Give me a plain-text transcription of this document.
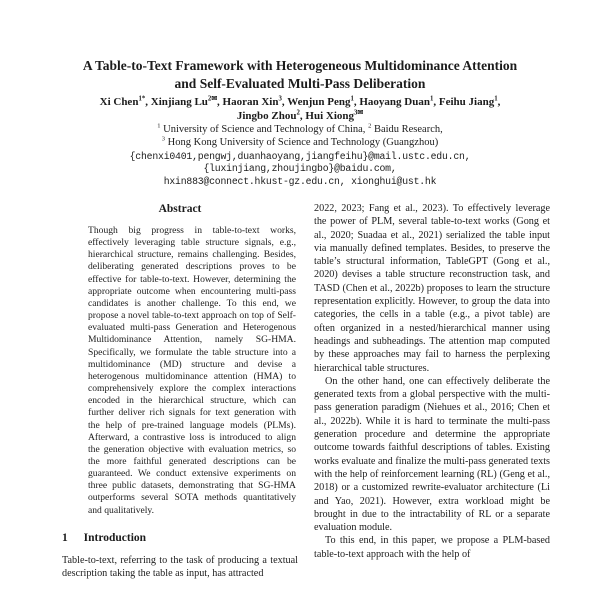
A Table-to-Text Framework with Heterogeneous Multidominance Attention
and Self-Evaluated Multi-Pass Deliberation
Xi Chen$^{1*}$, Xinjiang $Lu^{2✉}$, Haoran Xin$^3$, Wenjun Peng$^1$, Haoyang Duan$^1$, Feihu Jiang$^1$,
Jingbo Zhou$^2$, Hui Xiong$^{3✉}$
$^1$ University of Science and Technology of China, $^2$ Baidu Research,
$^3$ Hong Kong University of Science and Technology (Guangzhou)
{chenxi0401,pengwj,duanhaoyang,jiangfeihu}@mail.ustc.edu.cn,
{luxinjiang,zhoujingbo}@baidu.com,
hxin883@connect.hkust-gz.edu.cn, xionghui@ust.hk
Abstract

Though big progress in table-to-text works, effectively leveraging table structure signals, e.g., hierarchical structure, remains challenging. Besides, deliberating generated descriptions proves to be effective for table-to-text. However, determining the appropriate outcome when encountering multi-pass candidates is another challenge. To this end, we propose a novel table-to-text approach on top of Self-evaluated multi-pass Generation and Heterogenous Multidominance Attention, namely SG-HMA. Specifically, we formulate the table structure into a multidominance (MD) structure and devise a heterogenous multidominance attention (HMA) to comprehensively explore the complex interactions encoded in the hierarchical structure, which can further deliver rich signals for text generation with the help of pre-trained language models (PLMs). Afterward, a contrastive loss is introduced to align the generation objective with evaluation metrics, so the more faithful generated descriptions can be guaranteed. We conduct extensive experiments on three public datasets, demonstrating that SG-HMA outperforms several SOTA methods quantitatively and qualitatively.

1 Introduction

Table-to-text, referring to the task of producing a textual description taking the table as input, has attracted

2022, 2023; Fang et al., 2023). To effectively leverage the power of PLM, several table-to-text works (Gong et al., 2020; Suadaa et al., 2021) serialized the table input via manually defined templates. Besides, to preserve the table’s structural information, TableGPT (Gong et al., 2020) devises a table structure reconstruction task, and TASD (Chen et al., 2022b) proposes to learn the structure representation explicitly. However, to group the data into categories, the cells in a table (e.g., a pivot table) are often organized in a nested/hierarchical manner using headings and subheadings. The attention map computed by these approaches may fail to harness the perplexing hierarchical table structures.

On the other hand, one can effectively deliberate the generated texts from a global perspective with the multi-pass generation paradigm (Niehues et al., 2016; Chen et al., 2022b). While it is hard to terminate the multi-pass generation procedure and determine the appropriate outcome towards faithful descriptions of tables. Existing works evaluate and finalize the multi-pass generated texts with the help of reinforcement learning (RL) (Geng et al., 2018) or a customized rewrite-evaluator architecture (Li and Yao, 2021). However, extra workload might be brought in due to the intractability of RL or a separate evaluation module.

To this end, in this paper, we propose a PLM-based table-to-text approach with the help of
